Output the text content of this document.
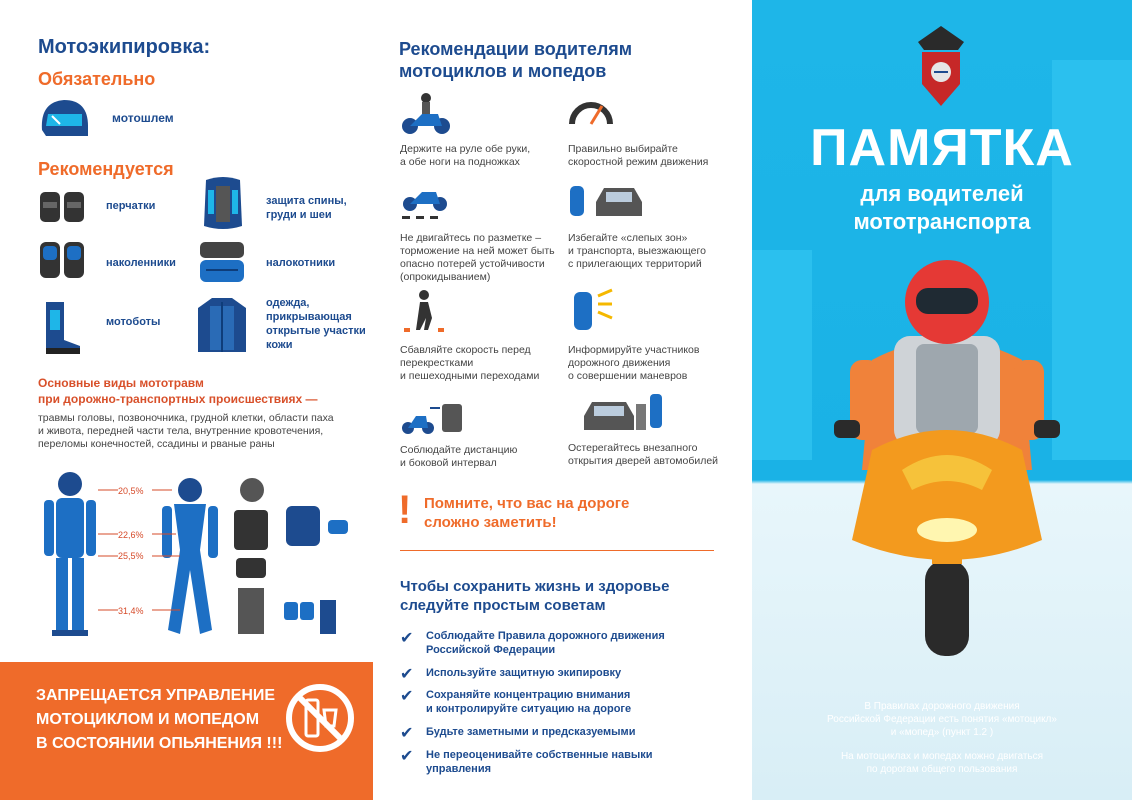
Мотоэкипировка:
Обязательно
мотошлем
Рекомендуется
перчатки	защита спины,
груди и шеи
наколенники	налокотники
мотоботы
одежда,
прикрывающая
открытые участки
кожи
Основные виды мототравм
при дорожно-транспортных происшествиях —
травмы головы, позвоночника, грудной клетки, области паха
и живота, передней части тела, внутренние кровотечения,
переломы конечностей, ссадины и рваные раны
20,5%
22,6%
25,5%
31,4%
ЗАПРЕЩАЕТСЯ УПРАВЛЕНИЕ
МОТОЦИКЛОМ И МОПЕДОМ
В СОСТОЯНИИ ОПЬЯНЕНИЯ !!!
Рекомендации водителям
мотоциклов и мопедов
Держите на руле обе руки,
а обе ноги на подножках
Правильно выбирайте
скоростной режим движения
Не двигайтесь по разметке –
торможение на ней может быть
опасно потерей устойчивости
(опрокидыванием)
Избегайте «слепых зон»
и транспорта, выезжающего
с прилегающих территорий
Сбавляйте скорость перед
перекрестками
и пешеходными переходами
Информируйте участников
дорожного движения
о совершении маневров
Соблюдайте дистанцию
и боковой интервал
Остерегайтесь внезапного
открытия дверей автомобилей
! Помните, что вас на дороге
сложно заметить!
Чтобы сохранить жизнь и здоровье
следуйте простым советам
✔ Соблюдайте Правила дорожного движения
Российской Федерации
✔ Используйте защитную экипировку
✔ Сохраняйте концентрацию внимания
и контролируйте ситуацию на дороге
✔ Будьте заметными и предсказуемыми
✔ Не переоценивайте собственные навыки
управления
ПАМЯТКА
для водителей
мототранспорта
В Правилах дорожного движения
Российской Федерации есть понятия «мотоцикл»
и «мопед» (пункт 1.2 )
На мотоциклах и мопедах можно двигаться
по дорогам общего пользования
